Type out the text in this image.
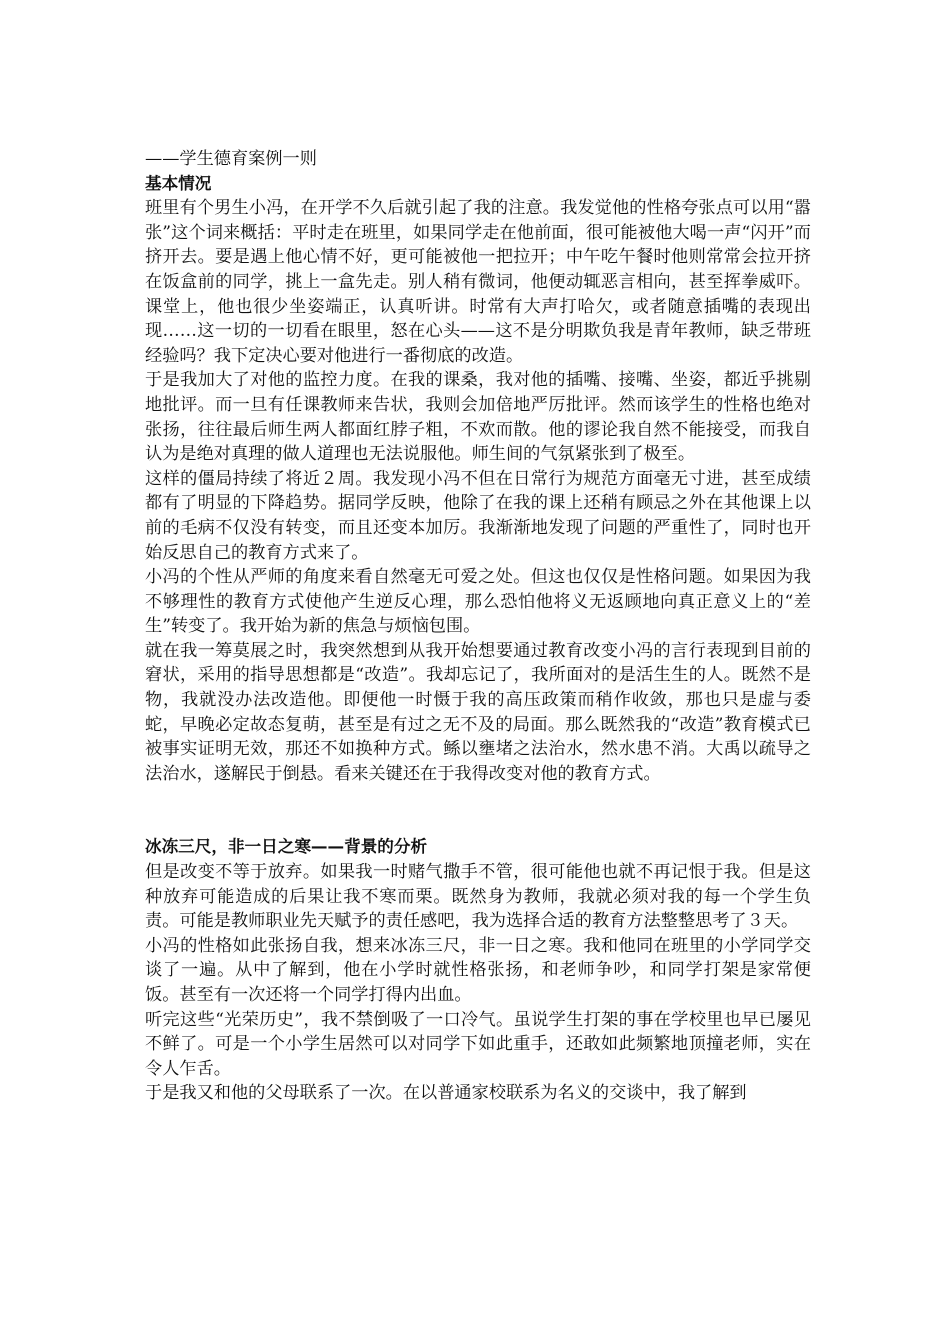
——学生德育案例一则

基本情况

班里有个男生小冯，在开学不久后就引起了我的注意。我发觉他的性格夸张点可以用“嚣张”这个词来概括：平时走在班里，如果同学走在他前面，很可能被他大喝一声“闪开”而挤开去。要是遇上他心情不好，更可能被他一把拉开；中午吃午餐时他则常常会拉开挤在饭盒前的同学，挑上一盒先走。别人稍有微词，他便动辄恶言相向，甚至挥拳威吓。课堂上，他也很少坐姿端正，认真听讲。时常有大声打哈欠，或者随意插嘴的表现出现……这一切的一切看在眼里，怒在心头——这不是分明欺负我是青年教师，缺乏带班经验吗？我下定决心要对他进行一番彻底的改造。

于是我加大了对他的监控力度。在我的课桑，我对他的插嘴、接嘴、坐姿，都近乎挑剔地批评。而一旦有任课教师来告状，我则会加倍地严厉批评。然而该学生的性格也绝对张扬，往往最后师生两人都面红脖子粗，不欢而散。他的谬论我自然不能接受，而我自认为是绝对真理的做人道理也无法说服他。师生间的气氛紧张到了极至。

这样的僵局持续了将近２周。我发现小冯不但在日常行为规范方面毫无寸进，甚至成绩都有了明显的下降趋势。据同学反映，他除了在我的课上还稍有顾忌之外在其他课上以前的毛病不仅没有转变，而且还变本加厉。我渐渐地发现了问题的严重性了，同时也开始反思自己的教育方式来了。

小冯的个性从严师的角度来看自然毫无可爱之处。但这也仅仅是性格问题。如果因为我不够理性的教育方式使他产生逆反心理，那么恐怕他将义无返顾地向真正意义上的“差生”转变了。我开始为新的焦急与烦恼包围。

就在我一筹莫展之时，我突然想到从我开始想要通过教育改变小冯的言行表现到目前的窘状，采用的指导思想都是“改造”。我却忘记了，我所面对的是活生生的人。既然不是物，我就没办法改造他。即便他一时慑于我的高压政策而稍作收敛，那也只是虚与委蛇，早晚必定故态复萌，甚至是有过之无不及的局面。那么既然我的“改造”教育模式已被事实证明无效，那还不如换种方式。鲧以壅堵之法治水，然水患不消。大禹以疏导之法治水，遂解民于倒悬。看来关键还在于我得改变对他的教育方式。

冰冻三尺，非一日之寒——背景的分析

但是改变不等于放弃。如果我一时赌气撒手不管，很可能他也就不再记恨于我。但是这种放弃可能造成的后果让我不寒而栗。既然身为教师，我就必须对我的每一个学生负责。可能是教师职业先天赋予的责任感吧，我为选择合适的教育方法整整思考了３天。

小冯的性格如此张扬自我，想来冰冻三尺，非一日之寒。我和他同在班里的小学同学交谈了一遍。从中了解到，他在小学时就性格张扬，和老师争吵，和同学打架是家常便饭。甚至有一次还将一个同学打得内出血。

听完这些“光荣历史”，我不禁倒吸了一口冷气。虽说学生打架的事在学校里也早已屡见不鲜了。可是一个小学生居然可以对同学下如此重手，还敢如此频繁地顶撞老师，实在令人乍舌。

于是我又和他的父母联系了一次。在以普通家校联系为名义的交谈中，我了解到
